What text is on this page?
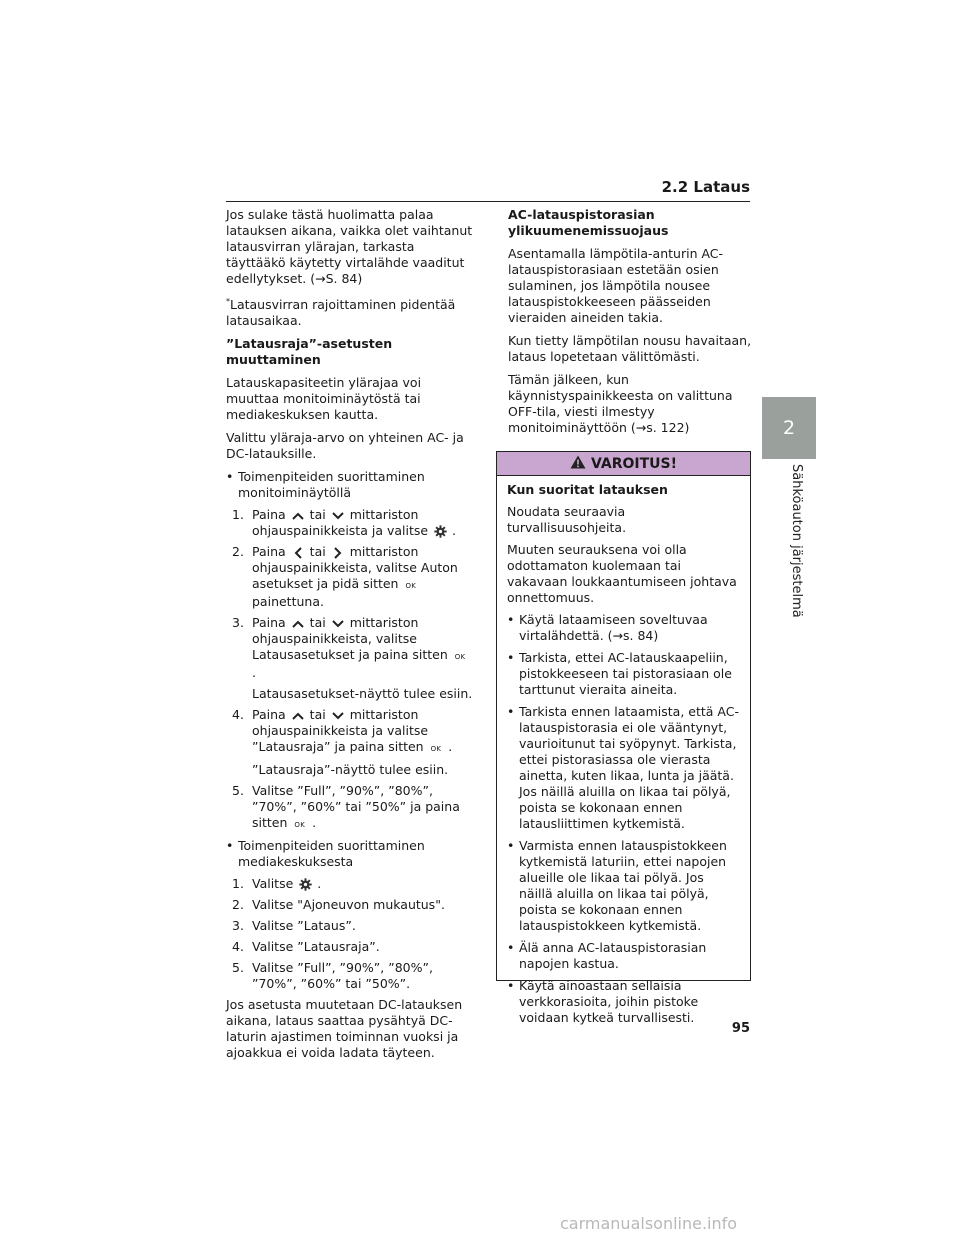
2.2 Lataus
2
Sähköauton järjestelmä

Jos sulake tästä huolimatta palaa latauksen aikana, vaikka olet vaihtanut latausvirran ylärajan, tarkasta täyttääkö käytetty virtalähde vaaditut edellytykset. (→S. 84)

*Latausvirran rajoittaminen pidentää latausaikaa.

”Latausraja”-asetusten muuttaminen

Latauskapasiteetin ylärajaa voi muuttaa monitoiminäytöstä tai mediakeskuksen kautta.

Valittu yläraja-arvo on yhteinen AC- ja DC-latauksille.

• Toimenpiteiden suorittaminen monitoiminäytöllä
1. Paina tai mittariston ohjauspainikkeista ja valitse .
2. Paina tai mittariston ohjauspainikkeista, valitse Auton asetukset ja pidä sitten OK painettuna.
3. Paina tai mittariston ohjauspainikkeista, valitse Latausasetukset ja paina sitten OK .
Latausasetukset-näyttö tulee esiin.
4. Paina tai mittariston ohjauspainikkeista ja valitse ”Latausraja” ja paina sitten OK .
”Latausraja”-näyttö tulee esiin.
5. Valitse ”Full”, ”90%”, ”80%”, ”70%”, ”60%” tai ”50%” ja paina sitten OK .
• Toimenpiteiden suorittaminen mediakeskuksesta
1. Valitse .
2. Valitse "Ajoneuvon mukautus".
3. Valitse ”Lataus”.
4. Valitse ”Latausraja”.
5. Valitse ”Full”, ”90%”, ”80%”, ”70%”, ”60%” tai ”50%”.

Jos asetusta muutetaan DC-latauksen aikana, lataus saattaa pysähtyä DC-laturin ajastimen toiminnan vuoksi ja ajoakkua ei voida ladata täyteen.

AC-latauspistorasian ylikuumenemissuojaus

Asentamalla lämpötila-anturin AC-latauspistorasiaan estetään osien sulaminen, jos lämpötila nousee latauspistokkeeseen päässeiden vieraiden aineiden takia.

Kun tietty lämpötilan nousu havaitaan, lataus lopetetaan välittömästi.

Tämän jälkeen, kun käynnistyspainikkeesta on valittuna OFF-tila, viesti ilmestyy monitoiminäyttöön (→s. 122)

VAROITUS!

Kun suoritat latauksen

Noudata seuraavia turvallisuusohjeita.

Muuten seurauksena voi olla odottamaton kuolemaan tai vakavaan loukkaantumiseen johtava onnettomuus.

• Käytä lataamiseen soveltuvaa virtalähdettä. (→s. 84)
• Tarkista, ettei AC-latauskaapeliin, pistokkeeseen tai pistorasiaan ole tarttunut vieraita aineita.
• Tarkista ennen lataamista, että AC-latauspistorasia ei ole vääntynyt, vaurioitunut tai syöpynyt. Tarkista, ettei pistorasiassa ole vierasta ainetta, kuten likaa, lunta ja jäätä. Jos näillä aluilla on likaa tai pölyä, poista se kokonaan ennen latausliittimen kytkemistä.
• Varmista ennen latauspistokkeen kytkemistä laturiin, ettei napojen alueille ole likaa tai pölyä. Jos näillä aluilla on likaa tai pölyä, poista se kokonaan ennen latauspistokkeen kytkemistä.
• Älä anna AC-latauspistorasian napojen kastua.
• Käytä ainoastaan sellaisia verkkorasioita, joihin pistoke voidaan kytkeä turvallisesti.
95
carmanualsonline.info
